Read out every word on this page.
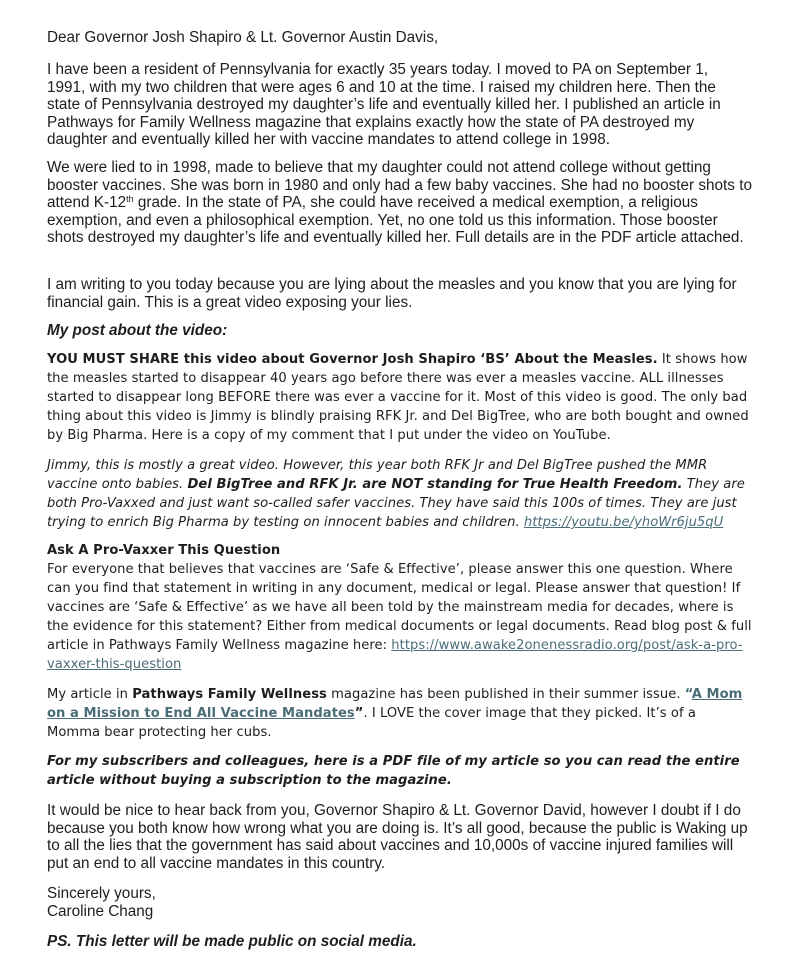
Dear Governor Josh Shapiro & Lt. Governor Austin Davis,

I have been a resident of Pennsylvania for exactly 35 years today. I moved to PA on September 1, 1991, with my two children that were ages 6 and 10 at the time. I raised my children here. Then the state of Pennsylvania destroyed my daughter’s life and eventually killed her. I published an article in Pathways for Family Wellness magazine that explains exactly how the state of PA destroyed my daughter and eventually killed her with vaccine mandates to attend college in 1998.

We were lied to in 1998, made to believe that my daughter could not attend college without getting booster vaccines. She was born in 1980 and only had a few baby vaccines. She had no booster shots to attend K-12th grade. In the state of PA, she could have received a medical exemption, a religious exemption, and even a philosophical exemption. Yet, no one told us this information. Those booster shots destroyed my daughter’s life and eventually killed her. Full details are in the PDF article attached.

I am writing to you today because you are lying about the measles and you know that you are lying for financial gain. This is a great video exposing your lies.

My post about the video:

YOU MUST SHARE this video about Governor Josh Shapiro ‘BS’ About the Measles. It shows how the measles started to disappear 40 years ago before there was ever a measles vaccine. ALL illnesses started to disappear long BEFORE there was ever a vaccine for it. Most of this video is good. The only bad thing about this video is Jimmy is blindly praising RFK Jr. and Del BigTree, who are both bought and owned by Big Pharma. Here is a copy of my comment that I put under the video on YouTube.

Jimmy, this is mostly a great video. However, this year both RFK Jr and Del BigTree pushed the MMR vaccine onto babies. Del BigTree and RFK Jr. are NOT standing for True Health Freedom. They are both Pro-Vaxxed and just want so-called safer vaccines. They have said this 100s of times. They are just trying to enrich Big Pharma by testing on innocent babies and children. https://youtu.be/yhoWr6ju5qU

Ask A Pro-Vaxxer This Question

For everyone that believes that vaccines are ‘Safe & Effective’, please answer this one question. Where can you find that statement in writing in any document, medical or legal. Please answer that question! If vaccines are ‘Safe & Effective’ as we have all been told by the mainstream media for decades, where is the evidence for this statement? Either from medical documents or legal documents. Read blog post & full article in Pathways Family Wellness magazine here: https://www.awake2onenessradio.org/post/ask-a-pro-vaxxer-this-question

My article in Pathways Family Wellness magazine has been published in their summer issue. “A Mom on a Mission to End All Vaccine Mandates”. I LOVE the cover image that they picked. It’s of a Momma bear protecting her cubs.

For my subscribers and colleagues, here is a PDF file of my article so you can read the entire article without buying a subscription to the magazine.

It would be nice to hear back from you, Governor Shapiro & Lt. Governor David, however I doubt if I do because you both know how wrong what you are doing is. It’s all good, because the public is Waking up to all the lies that the government has said about vaccines and 10,000s of vaccine injured families will put an end to all vaccine mandates in this country.

Sincerely yours,

Caroline Chang

PS. This letter will be made public on social media.
